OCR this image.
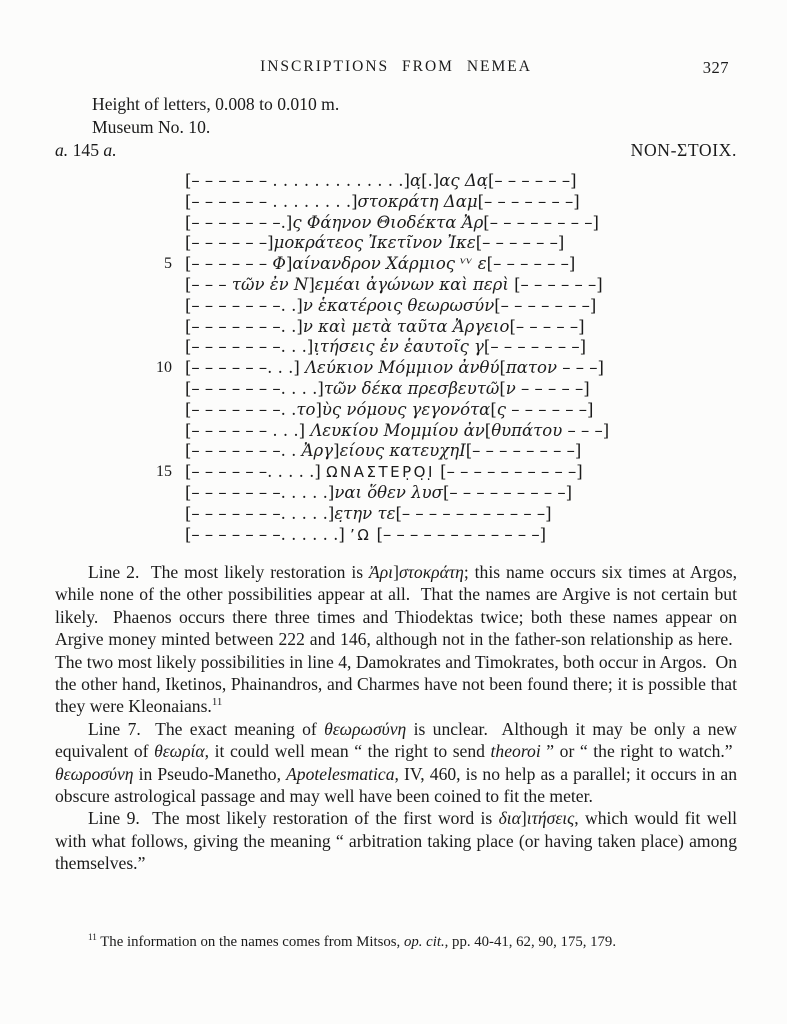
INSCRIPTIONS FROM NEMEA	327
Height of letters, 0.008 to 0.010 m.
Museum No. 10.
a. 145 a.	NON-ΣΤΟΙΧ.
[– – – – – – . . . . . . . . . . . . .]α̣[.]ας Δα̣[– – – – – –]
[– – – – – – . . . . . . . .]στοκράτη Δαμ[– – – – – – –]
[– – – – – – –.]ς Φάηνον Θιοδέκτα Ἀρ[– – – – – – – –]
[– – – – – –]μοκράτεος Ἰκετῖνον Ἰκε[– – – – – –]
5 [– – – – – – Φ]αίνανδρον Χάρμιος ᵛᵛ ε[– – – – – –]
[– – – τῶν ἐν Ν]εμέαι ἀγώνων καὶ περὶ [– – – – – –]
[– – – – – – –. .]ν ἑκατέροις θεωρωσύν[– – – – – – –]
[– – – – – – –. .]ν καὶ μετὰ ταῦτα Ἀργειο[– – – – –]
[– – – – – – –. . .]ι̣τήσεις ἐν ἑαυτοῖς γ[– – – – – – –]
10 [– – – – – –. . .] Λεύκιον Μόμμιον ἀνθύ[πατον – – –]
[– – – – – – –. . . .]τῶν δέκα πρεσβευτῶ[ν – – – – –]
[– – – – – – –. .το]ὺς νόμους γεγονότα[ς – – – – – –]
[– – – – – – . . .] Λευκίου Μομμίου ἀν[θυπάτου – – –]
[– – – – – – –. . Ἀργ]είους κατευχηΙ[– – – – – – – –]
15 [– – – – – –. . . . .] ΩΝΑΣΤΕΡ̣Ο̣Ι̣ [– – – – – – – – – –]
[– – – – – – –. . . . .]ναι ὅθεν λυσ[– – – – – – – – –]
[– – – – – – –. . . . .]ε̣την τε[– – – – – – – – – – –]
[– – – – – – –. . . . . .] ʼΩ [– – – – – – – – – – – –]

Line 2.  The most likely restoration is Ἀρι]στοκράτη; this name occurs six times at Argos, while none of the other possibilities appear at all.  That the names are Argive is not certain but likely.  Phaenos occurs there three times and Thiodektas twice; both these names appear on Argive money minted between 222 and 146, although not in the father-son relationship as here.  The two most likely possibilities in line 4, Damokrates and Timokrates, both occur in Argos.  On the other hand, Iketinos, Phainandros, and Charmes have not been found there; it is possible that they were Kleonaians.$^{11}$

Line 7.  The exact meaning of θεωρωσύνη is unclear.  Although it may be only a new equivalent of θεωρία, it could well mean “ the right to send theoroi ” or “ the right to watch.”  θεωροσύνη in Pseudo-Manetho, Apotelesmatica, IV, 460, is no help as a parallel; it occurs in an obscure astrological passage and may well have been coined to fit the meter.

Line 9.  The most likely restoration of the first word is δια]ιτήσεις, which would fit well with what follows, giving the meaning “ arbitration taking place (or having taken place) among themselves.”

$^{11}$ The information on the names comes from Mitsos, op. cit., pp. 40-41, 62, 90, 175, 179.
